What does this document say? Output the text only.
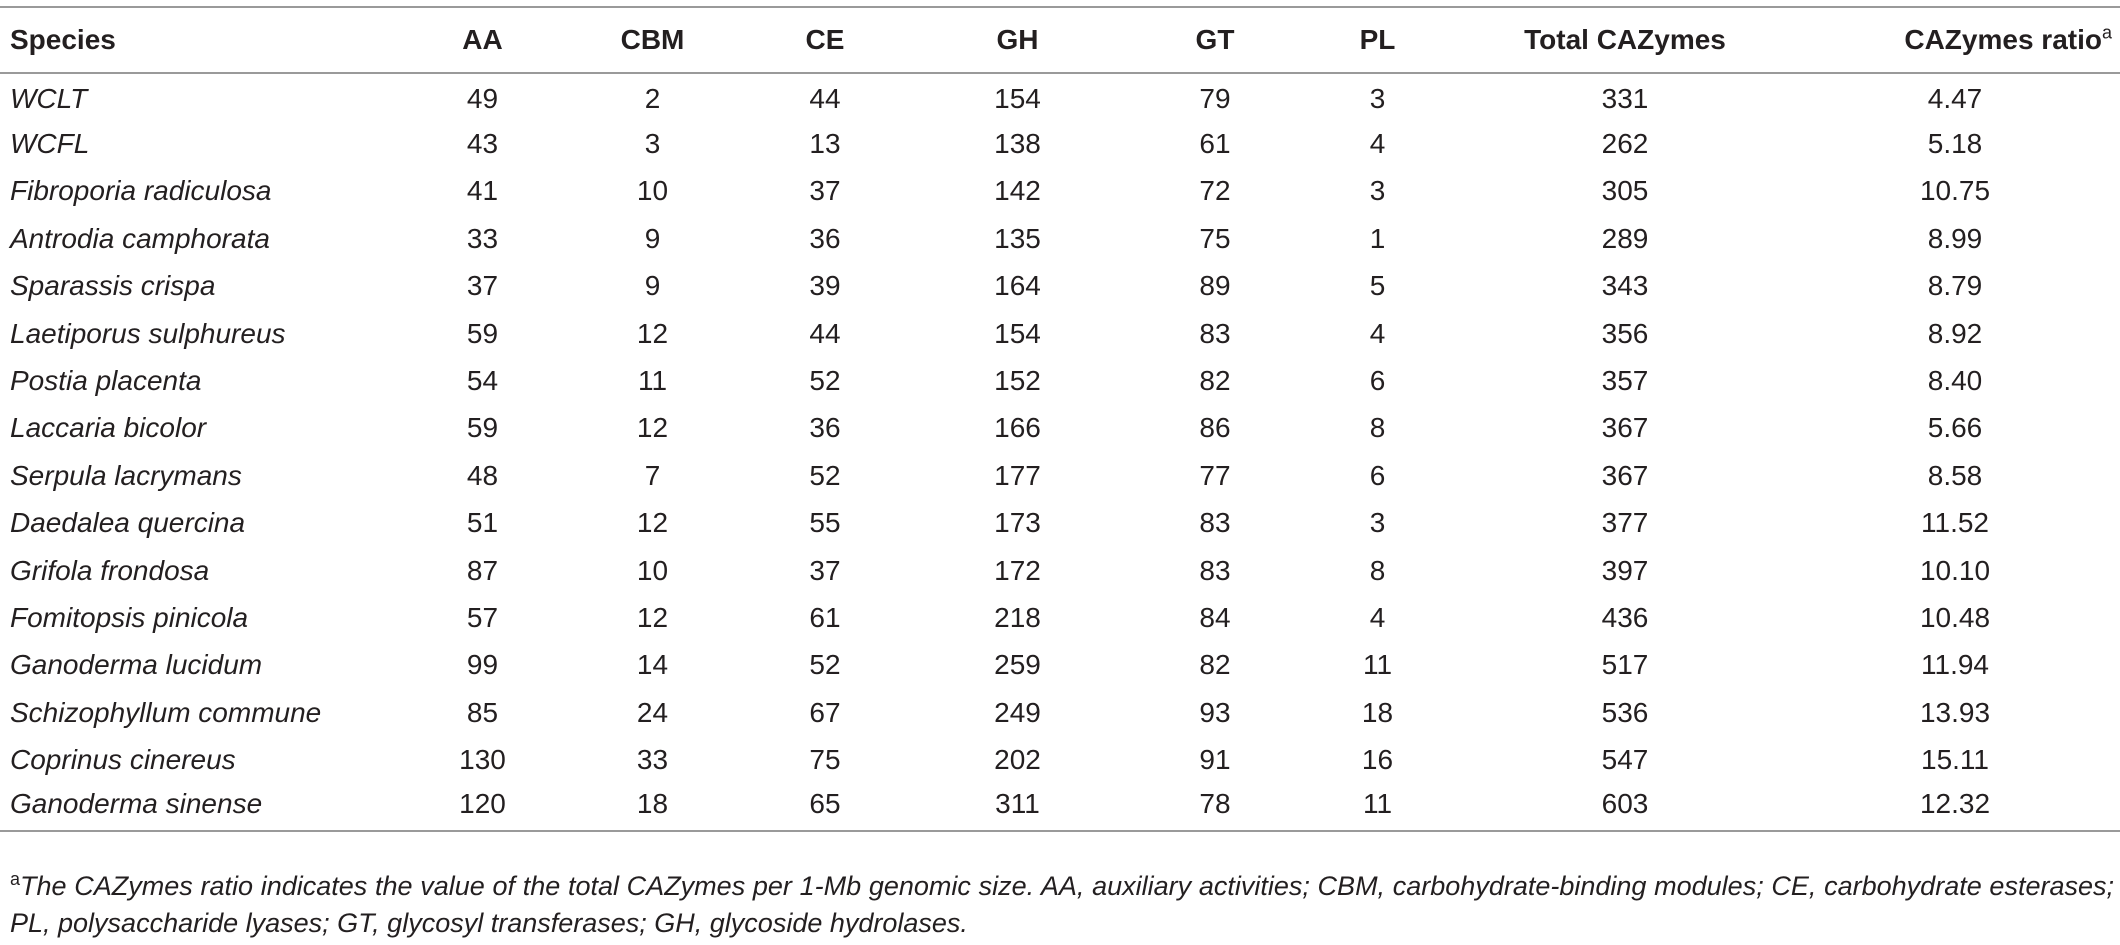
Species	AA	CBM	CE	GH	GT	PL	Total CAZymes	CAZymes ratio$^a$
WCLT	49	2	44	154	79	3	331	4.47
WCFL	43	3	13	138	61	4	262	5.18
Fibroporia radiculosa	41	10	37	142	72	3	305	10.75
Antrodia camphorata	33	9	36	135	75	1	289	8.99
Sparassis crispa	37	9	39	164	89	5	343	8.79
Laetiporus sulphureus	59	12	44	154	83	4	356	8.92
Postia placenta	54	11	52	152	82	6	357	8.40
Laccaria bicolor	59	12	36	166	86	8	367	5.66
Serpula lacrymans	48	7	52	177	77	6	367	8.58
Daedalea quercina	51	12	55	173	83	3	377	11.52
Grifola frondosa	87	10	37	172	83	8	397	10.10
Fomitopsis pinicola	57	12	61	218	84	4	436	10.48
Ganoderma lucidum	99	14	52	259	82	11	517	11.94
Schizophyllum commune	85	24	67	249	93	18	536	13.93
Coprinus cinereus	130	33	75	202	91	16	547	15.11
Ganoderma sinense	120	18	65	311	78	11	603	12.32
$^a$The CAZymes ratio indicates the value of the total CAZymes per 1-Mb genomic size. AA, auxiliary activities; CBM, carbohydrate-binding modules; CE, carbohydrate esterases; PL, polysaccharide lyases; GT, glycosyl transferases; GH, glycoside hydrolases.
